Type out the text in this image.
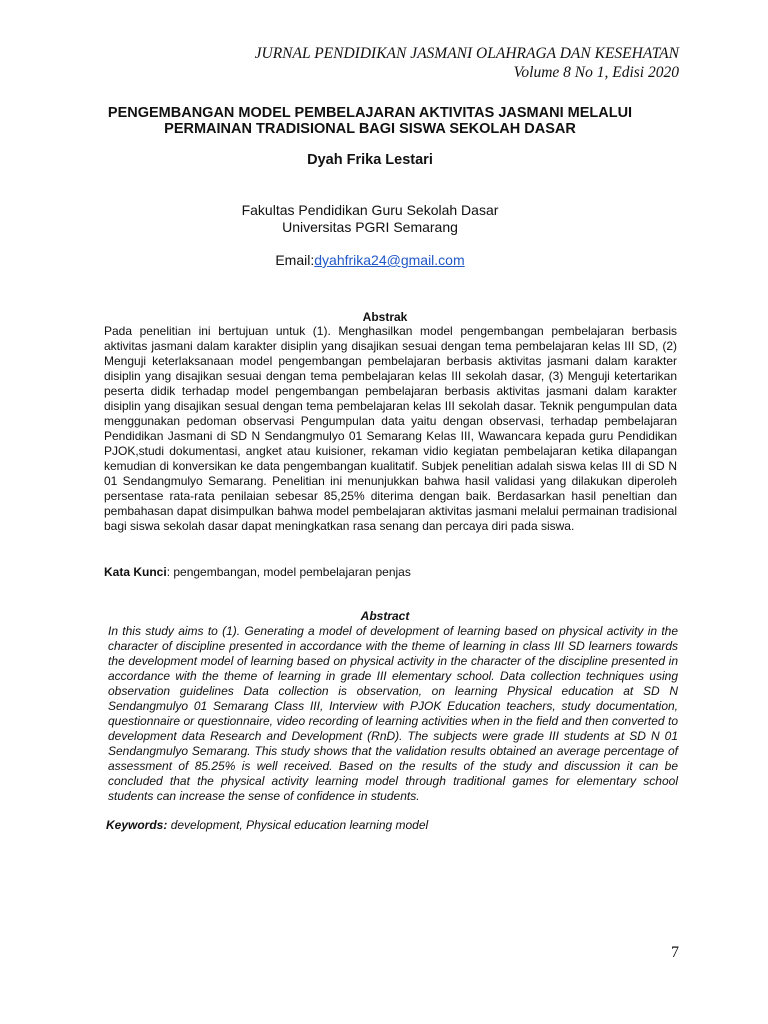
JURNAL PENDIDIKAN JASMANI OLAHRAGA DAN KESEHATAN
Volume 8 No 1, Edisi 2020
PENGEMBANGAN MODEL PEMBELAJARAN AKTIVITAS JASMANI MELALUI
PERMAINAN TRADISIONAL BAGI SISWA SEKOLAH DASAR
Dyah Frika Lestari
Fakultas Pendidikan Guru Sekolah Dasar
Universitas PGRI Semarang
Email:dyahfrika24@gmail.com
Abstrak

Pada penelitian ini bertujuan untuk (1). Menghasilkan model pengembangan pembelajaran berbasis aktivitas jasmani dalam karakter disiplin yang disajikan sesuai dengan tema pembelajaran kelas III SD, (2) Menguji keterlaksanaan model pengembangan pembelajaran berbasis aktivitas jasmani dalam karakter disiplin yang disajikan sesuai dengan tema pembelajaran kelas III sekolah dasar, (3) Menguji ketertarikan peserta didik terhadap model pengembangan pembelajaran berbasis aktivitas jasmani dalam karakter disiplin yang disajikan sesual dengan tema pembelajaran kelas III sekolah dasar. Teknik pengumpulan data menggunakan pedoman observasi Pengumpulan data yaitu dengan observasi, terhadap pembelajaran Pendidikan Jasmani di SD N Sendangmulyo 01 Semarang Kelas III, Wawancara kepada guru Pendidikan PJOK,studi dokumentasi, angket atau kuisioner, rekaman vidio kegiatan pembelajaran ketika dilapangan kemudian di konversikan ke data pengembangan kualitatif. Subjek penelitian adalah siswa kelas III di SD N 01 Sendangmulyo Semarang. Penelitian ini menunjukkan bahwa hasil validasi yang dilakukan diperoleh persentase rata-rata penilaian sebesar 85,25% diterima dengan baik. Berdasarkan hasil peneltian dan pembahasan dapat disimpulkan bahwa model pembelajaran aktivitas jasmani melalui permainan tradisional bagi siswa sekolah dasar dapat meningkatkan rasa senang dan percaya diri pada siswa.

Kata Kunci: pengembangan, model pembelajaran penjas
Abstract

In this study aims to (1). Generating a model of development of learning based on physical activity in the character of discipline presented in accordance with the theme of learning in class III SD learners towards the development model of learning based on physical activity in the character of the discipline presented in accordance with the theme of learning in grade III elementary school. Data collection techniques using observation guidelines Data collection is observation, on learning Physical education at SD N Sendangmulyo 01 Semarang Class III, Interview with PJOK Education teachers, study documentation, questionnaire or questionnaire, video recording of learning activities when in the field and then converted to development data Research and Development (RnD). The subjects were grade III students at SD N 01 Sendangmulyo Semarang. This study shows that the validation results obtained an average percentage of assessment of 85.25% is well received. Based on the results of the study and discussion it can be concluded that the physical activity learning model through traditional games for elementary school students can increase the sense of confidence in students.

Keywords: development, Physical education learning model
7
